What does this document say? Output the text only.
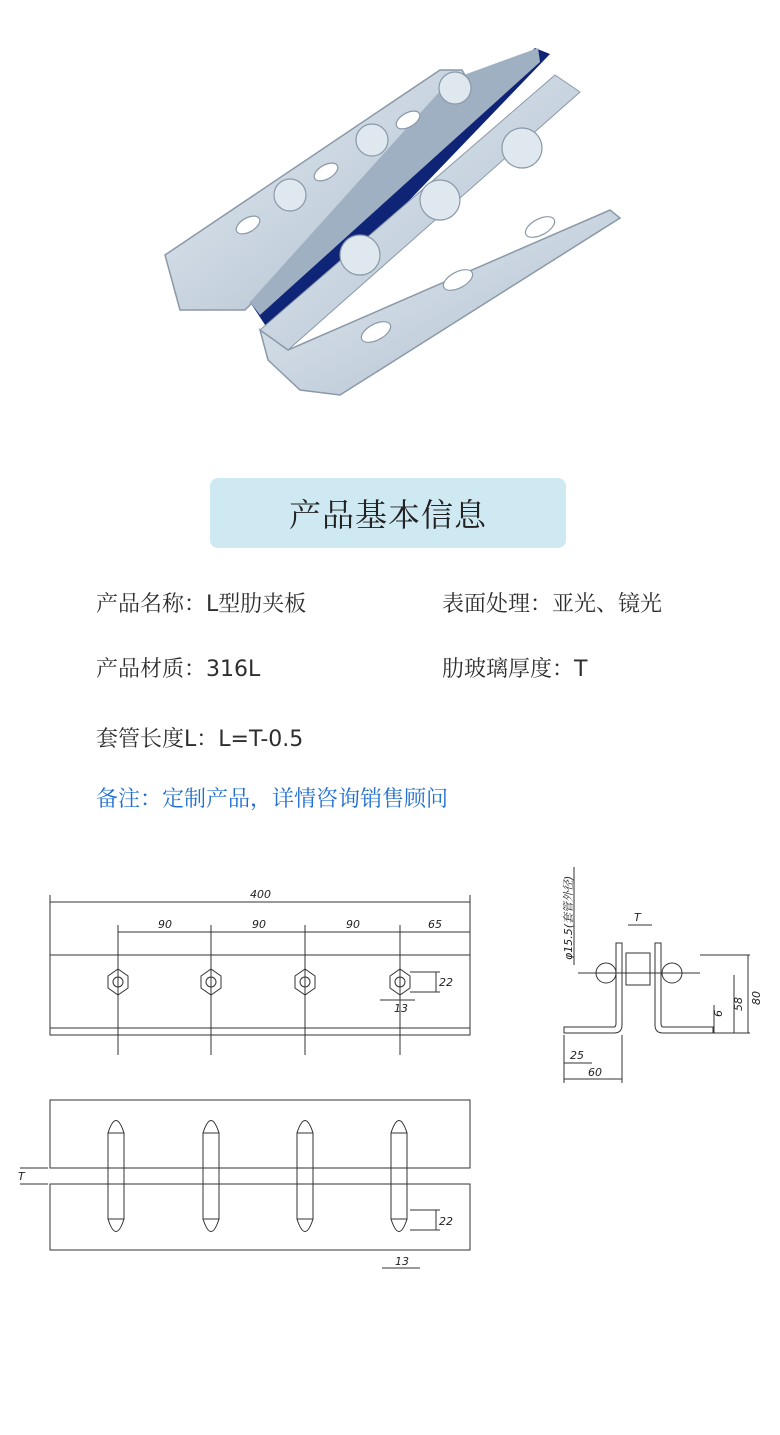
产品基本信息
产品名称：L型肋夹板	表面处理：亚光、镜光
产品材质：316L	肋玻璃厚度：T
套管长度L：L=T-0.5
备注：定制产品，详情咨询销售顾问
400
90	90	90	65
22
13
T
22
13
φ15.5(套管外径)	T
80
58
6
25
60
